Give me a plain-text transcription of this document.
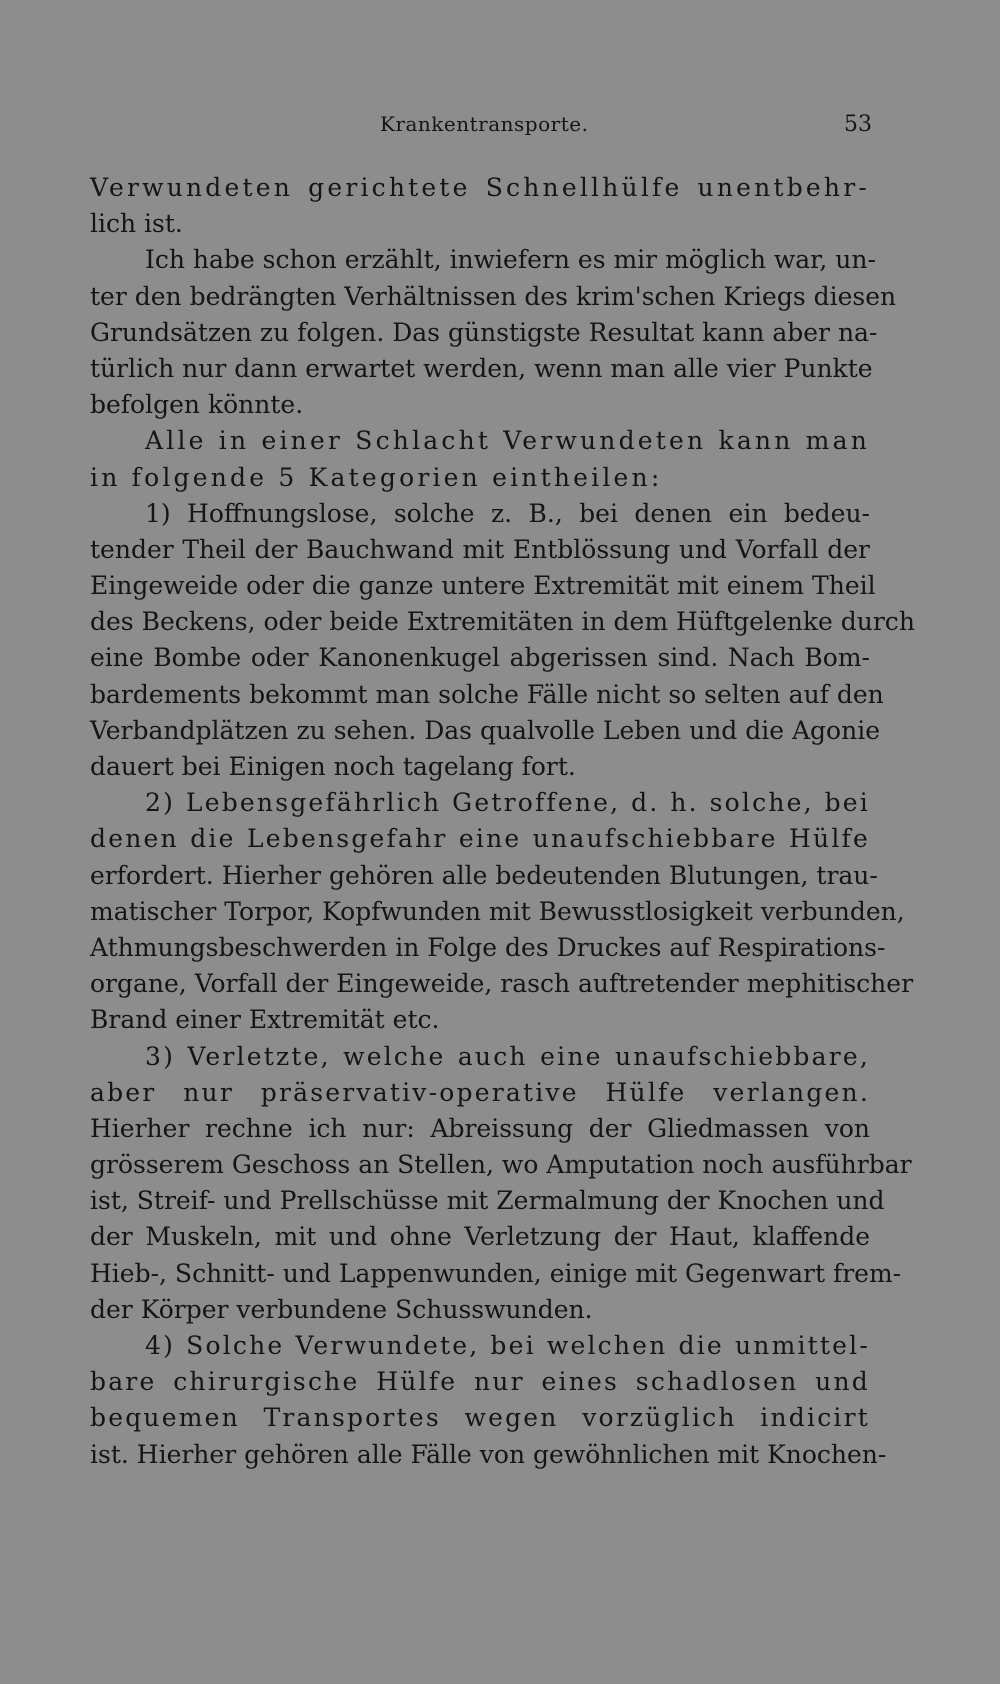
Krankentransporte.	53
Verwundeten gerichtete Schnellhülfe unentbehr-
lich ist.
Ich habe schon erzählt, inwiefern es mir möglich war, un-
ter den bedrängten Verhältnissen des krim'schen Kriegs diesen
Grundsätzen zu folgen. Das günstigste Resultat kann aber na-
türlich nur dann erwartet werden, wenn man alle vier Punkte
befolgen könnte.
Alle in einer Schlacht Verwundeten kann man
in folgende 5 Kategorien eintheilen:
1) Hoffnungslose, solche z. B., bei denen ein bedeu-
tender Theil der Bauchwand mit Entblössung und Vorfall der
Eingeweide oder die ganze untere Extremität mit einem Theil
des Beckens, oder beide Extremitäten in dem Hüftgelenke durch
eine Bombe oder Kanonenkugel abgerissen sind. Nach Bom-
bardements bekommt man solche Fälle nicht so selten auf den
Verbandplätzen zu sehen. Das qualvolle Leben und die Agonie
dauert bei Einigen noch tagelang fort.
2) Lebensgefährlich Getroffene, d. h. solche, bei
denen die Lebensgefahr eine unaufschiebbare Hülfe
erfordert. Hierher gehören alle bedeutenden Blutungen, trau-
matischer Torpor, Kopfwunden mit Bewusstlosigkeit verbunden,
Athmungsbeschwerden in Folge des Druckes auf Respirations-
organe, Vorfall der Eingeweide, rasch auftretender mephitischer
Brand einer Extremität etc.
3) Verletzte, welche auch eine unaufschiebbare,
aber nur präservativ-operative Hülfe verlangen.
Hierher rechne ich nur: Abreissung der Gliedmassen von
grösserem Geschoss an Stellen, wo Amputation noch ausführbar
ist, Streif- und Prellschüsse mit Zermalmung der Knochen und
der Muskeln, mit und ohne Verletzung der Haut, klaffende
Hieb-, Schnitt- und Lappenwunden, einige mit Gegenwart frem-
der Körper verbundene Schusswunden.
4) Solche Verwundete, bei welchen die unmittel-
bare chirurgische Hülfe nur eines schadlosen und
bequemen Transportes wegen vorzüglich indicirt
ist. Hierher gehören alle Fälle von gewöhnlichen mit Knochen-
